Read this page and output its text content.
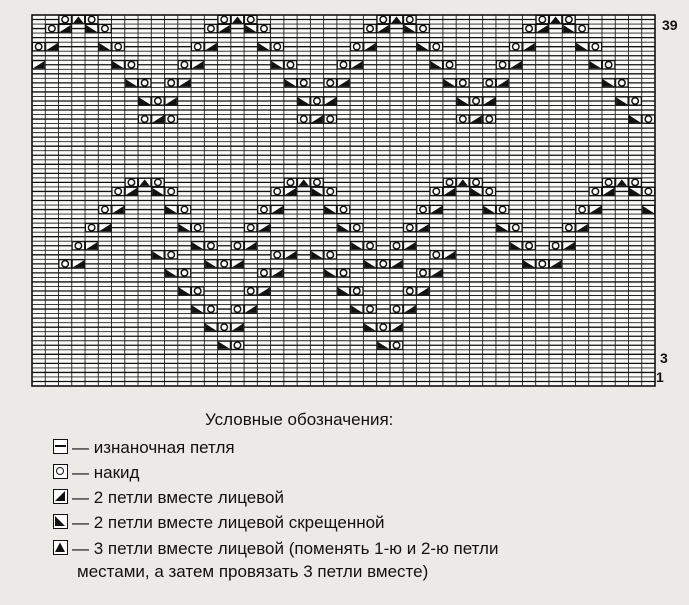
39
3
1
Условные обозначения:
— изнаночная петля
— накид
— 2 петли вместе лицевой
— 2 петли вместе лицевой скрещенной
— 3 петли вместе лицевой (поменять 1-ю и 2-ю петли
местами, а затем провязать 3 петли вместе)
